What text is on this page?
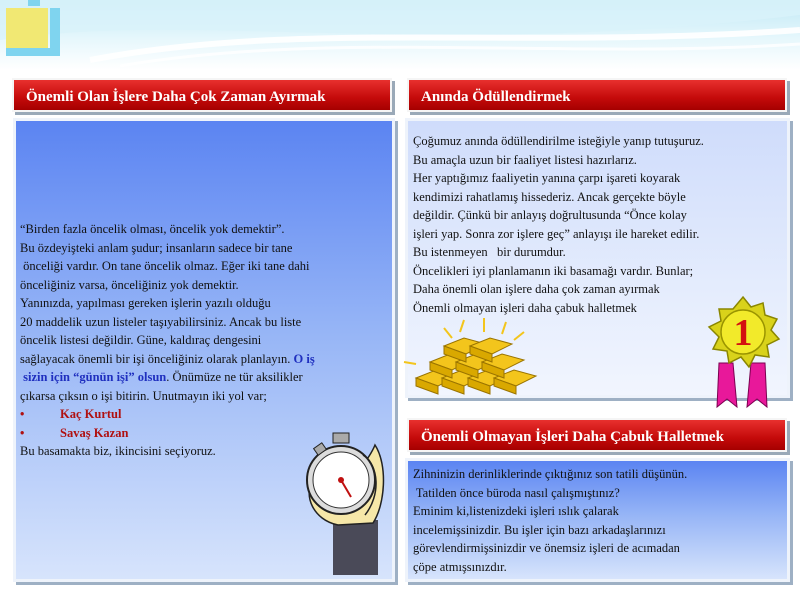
Önemli Olan İşlere Daha Çok Zaman Ayırmak

“Birden fazla öncelik olması, öncelik yok demektir”.

Bu özdeyişteki anlam şudur; insanların sadece bir tane

önceliği vardır. On tane öncelik olmaz. Eğer iki tane dahi

önceliğiniz varsa, önceliğiniz yok demektir.

Yanınızda, yapılması gereken işlerin yazılı olduğu

20 maddelik uzun listeler taşıyabilirsiniz. Ancak bu liste

öncelik listesi değildir. Güne, kaldıraç dengesini

sağlayacak önemli bir işi önceliğiniz olarak planlayın. O iş

sizin için “günün işi” olsun. Önümüze ne tür aksilikler

çıkarsa çıksın o işi bitirin. Unutmayın iki yol var;

•	Kaç Kurtul
•	Savaş Kazan

Bu basamakta biz, ikincisini seçiyoruz.

Anında Ödüllendirmek

Çoğumuz anında ödüllendirilme isteğiyle yanıp tutuşuruz.

Bu amaçla uzun bir faaliyet listesi hazırlarız.

Her yaptığımız faaliyetin yanına çarpı işareti koyarak

kendimizi rahatlamış hissederiz. Ancak gerçekte böyle

değildir. Çünkü bir anlayış doğrultusunda “Önce kolay

işleri yap. Sonra zor işlere geç” anlayışı ile hareket edilir.

Bu istenmeyen   bir durumdur.

Öncelikleri iyi planlamanın iki basamağı vardır. Bunlar;

Daha önemli olan işlere daha çok zaman ayırmak

Önemli olmayan işleri daha çabuk halletmek

1
Önemli Olmayan İşleri Daha Çabuk Halletmek

Zihninizin derinliklerinde çıktığınız son tatili düşünün.

Tatilden önce büroda nasıl çalışmıştınız?

Eminim ki,listenizdeki işleri ıslık çalarak

incelemişsinizdir. Bu işler için bazı arkadaşlarınızı

görevlendirmişsinizdir ve önemsiz işleri de acımadan

çöpe atmışsınızdır.
